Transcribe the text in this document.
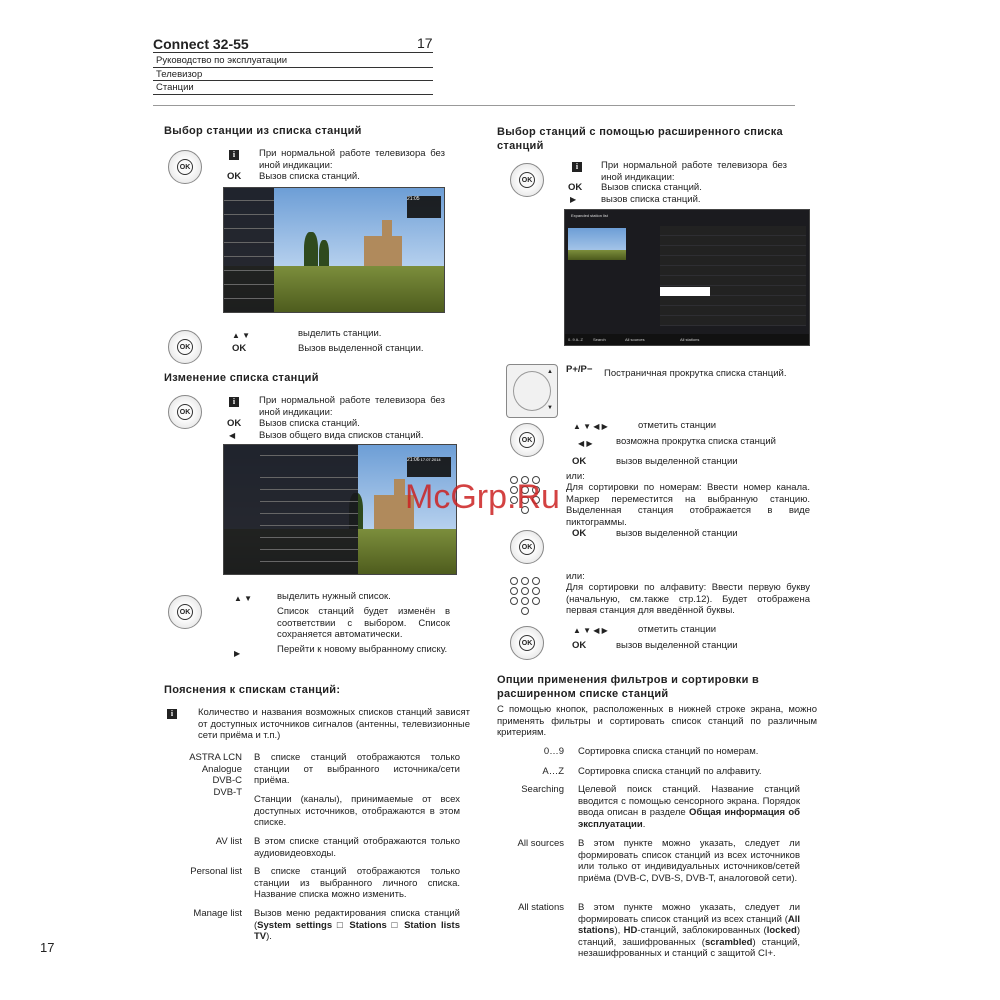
Connect 32-55	17
Руководство по эксплуатации
Телевизор
Станции
Выбор станции из списка станций
OK
i	При нормальной работе телевизора без иной индикации:
OK Вызов списка станций.
21:05
▲ ▼	выделить станции.
OK	OK	Вызов выделенной станции.
Изменение списка станций
OK
i	При нормальной работе телевизора без иной индикации:
OK Вызов списка станций.
◀	Вызов общего вида списков станций.
21:06 17.07.2014
▲ ▼	выделить нужный список.
OK	Список станций будет изменён в соответствии с выбором. Список сохраняется автоматически.
▶	Перейти к новому выбранному списку.
Пояснения к спискам станций:
i	Количество и названия возможных списков станций зависят от доступных источников сигналов (антенны, телевизионные сети приёма и т.п.)
ASTRA LCN
Analogue
DVB-C
DVB-T
В списке станций отображаются только станции от выбранного источника/сети приёма.
Станции (каналы), принимаемые от всех доступных источников, отображаются в этом списке.
AV list В этом списке станций отображаются только аудиовидеовходы.
Personal list В списке станций отображаются только станции из выбранного личного списка. Название списка можно изменить.
Manage list Вызов меню редактирования списка станций (System settings □ Stations □ Station lists TV).
17
Выбор станций с помощью расширенного списка станций
OK
i	При нормальной работе телевизора без иной индикации:
OK Вызов списка станций.
▶	вызов списка станций.
Expanded station list
0..9 A..Z	Search	All sources	All stations
▲
▼
P+/P− Постраничная прокрутка списка станций.
OK
▲ ▼ ◀ ▶	отметить станции
◀ ▶ возможна прокрутка списка станций
OK	вызов выделенной станции
или:
Для сортировки по номерам: Ввести номер канала. Маркер переместится на выбранную станцию. Выделенная станция отображается в виде пиктограммы.
OK
OK	вызов выделенной станции
или:
Для сортировки по алфавиту: Ввести первую букву (начальную, см.также стр.12). Будет отображена первая станция для введённой буквы.
▲ ▼ ◀ ▶	отметить станции
OK	OK	вызов выделенной станции
Опции применения фильтров и сортировки в расширенном списке станций
С помощью кнопок, расположенных в нижней строке экрана, можно применять фильтры и сортировать список станций по различным критериям.
0…9 Сортировка списка станций по номерам.
A…Z Сортировка списка станций по алфавиту.
Searching Целевой поиск станций. Название станций вводится с помощью сенсорного экрана. Порядок ввода описан в разделе Общая информация об эксплуатации.
All sources В этом пункте можно указать, следует ли формировать список станций из всех источников или только от индивидуальных источников/сетей приёма (DVB-C, DVB-S, DVB-T, аналоговой сети).
All stations В этом пункте можно указать, следует ли формировать список станций из всех станций (All stations), HD-станций, заблокированных (locked) станций, зашифрованных (scrambled) станций, незашифрованных и станций с защитой CI+.
McGrp.Ru
